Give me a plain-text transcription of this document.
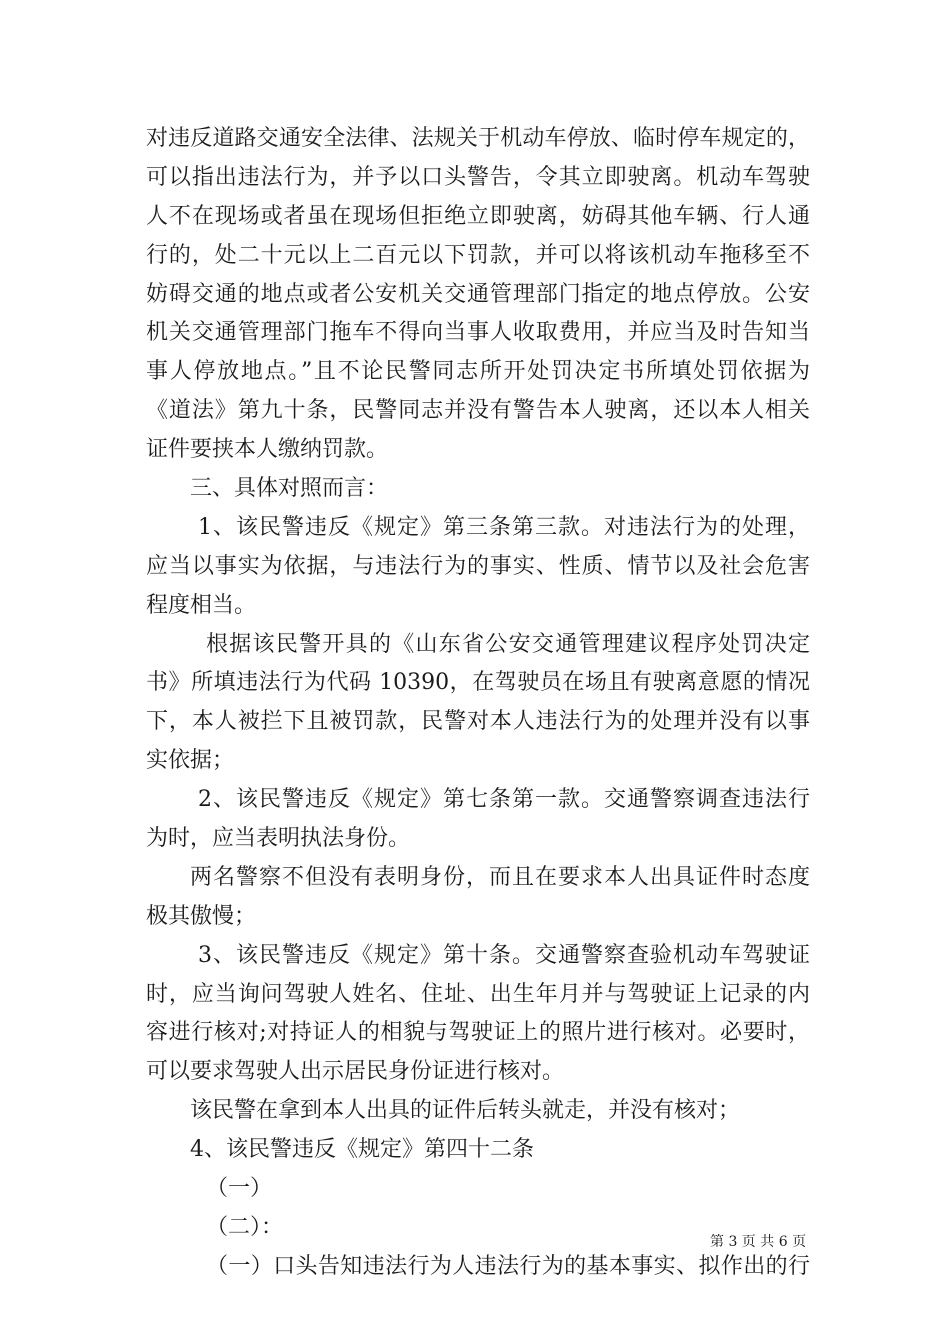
对违反道路交通安全法律、法规关于机动车停放、临时停车规定的，
可以指出违法行为，并予以口头警告，令其立即驶离。机动车驾驶
人不在现场或者虽在现场但拒绝立即驶离，妨碍其他车辆、行人通
行的，处二十元以上二百元以下罚款，并可以将该机动车拖移至不
妨碍交通的地点或者公安机关交通管理部门指定的地点停放。公安
机关交通管理部门拖车不得向当事人收取费用，并应当及时告知当
事人停放地点。”且不论民警同志所开处罚决定书所填处罚依据为
《道法》第九十条，民警同志并没有警告本人驶离，还以本人相关
证件要挟本人缴纳罚款。
三、具体对照而言：
1、该民警违反《规定》第三条第三款。对违法行为的处理，
应当以事实为依据，与违法行为的事实、性质、情节以及社会危害
程度相当。
根据该民警开具的《山东省公安交通管理建议程序处罚决定
书》所填违法行为代码 10390，在驾驶员在场且有驶离意愿的情况
下，本人被拦下且被罚款，民警对本人违法行为的处理并没有以事
实依据；
2、该民警违反《规定》第七条第一款。交通警察调查违法行
为时，应当表明执法身份。
两名警察不但没有表明身份，而且在要求本人出具证件时态度
极其傲慢；
3、该民警违反《规定》第十条。交通警察查验机动车驾驶证
时，应当询问驾驶人姓名、住址、出生年月并与驾驶证上记录的内
容进行核对;对持证人的相貌与驾驶证上的照片进行核对。必要时，
可以要求驾驶人出示居民身份证进行核对。
该民警在拿到本人出具的证件后转头就走，并没有核对；
4、该民警违反《规定》第四十二条
（一）
（二）：
（一）口头告知违法行为人违法行为的基本事实、拟作出的行
第 3 页 共 6 页
